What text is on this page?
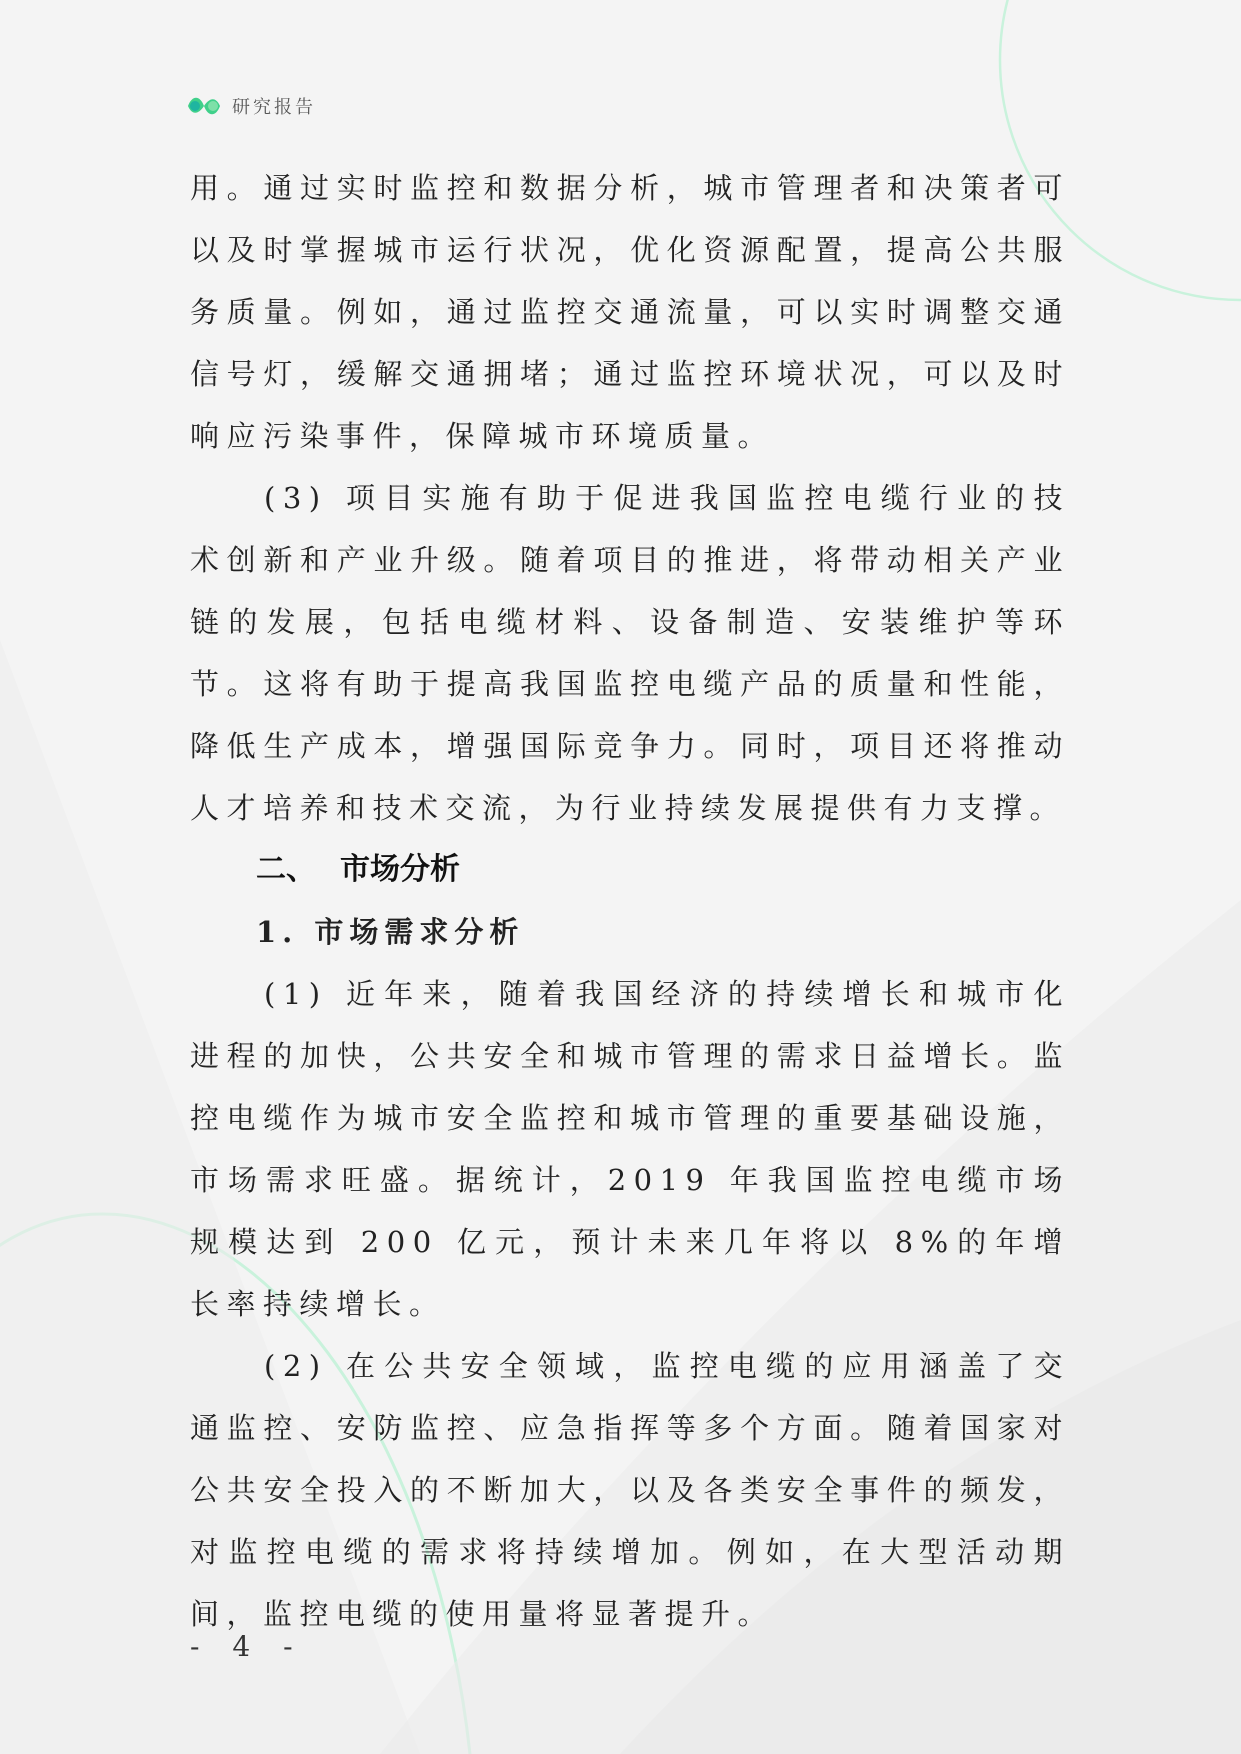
研究报告

用。通过实时监控和数据分析，城市管理者和决策者可以及时掌握城市运行状况，优化资源配置，提高公共服务质量。例如，通过监控交通流量，可以实时调整交通信号灯，缓解交通拥堵；通过监控环境状况，可以及时响应污染事件，保障城市环境质量。

(3) 项目实施有助于促进我国监控电缆行业的技术创新和产业升级。随着项目的推进，将带动相关产业链的发展，包括电缆材料、设备制造、安装维护等环节。这将有助于提高我国监控电缆产品的质量和性能，降低生产成本，增强国际竞争力。同时，项目还将推动人才培养和技术交流，为行业持续发展提供有力支撑。

二、 市场分析
1. 市场需求分析

(1) 近年来，随着我国经济的持续增长和城市化进程的加快，公共安全和城市管理的需求日益增长。监控电缆作为城市安全监控和城市管理的重要基础设施，市场需求旺盛。据统计，2019 年我国监控电缆市场规模达到 200 亿元，预计未来几年将以 8%的年增长率持续增长。

(2) 在公共安全领域，监控电缆的应用涵盖了交通监控、安防监控、应急指挥等多个方面。随着国家对公共安全投入的不断加大，以及各类安全事件的频发，对监控电缆的需求将持续增加。例如，在大型活动期间，监控电缆的使用量将显著提升。

- 4 -
